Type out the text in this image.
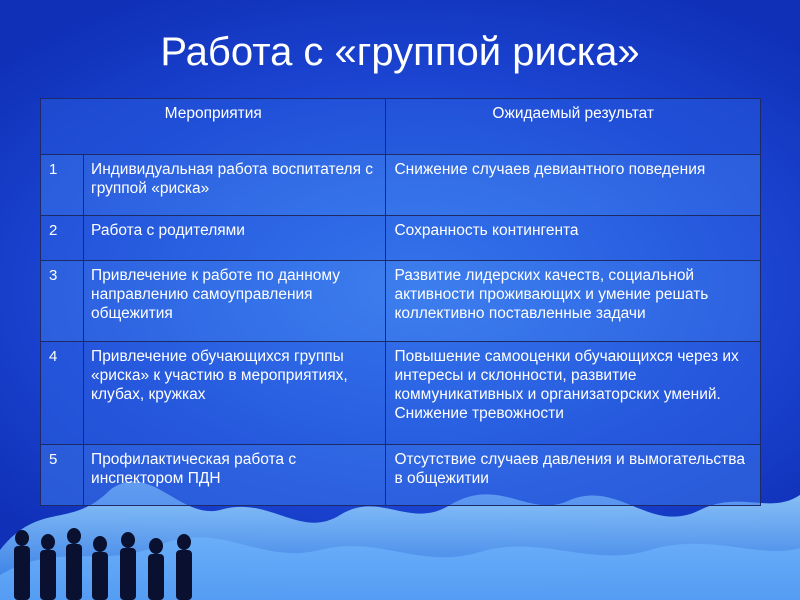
Работа с «группой риска»
Мероприятия		Ожидаемый результат
1	Индивидуальная работа воспитателя с группой «риска»	Снижение случаев девиантного поведения
2	Работа с родителями	Сохранность контингента
3	Привлечение к работе по данному направлению самоуправления общежития	Развитие лидерских качеств, социальной активности проживающих и умение решать коллективно поставленные задачи
4	Привлечение обучающихся группы «риска» к участию в мероприятиях, клубах, кружках	Повышение самооценки обучающихся через их интересы и склонности, развитие коммуникативных и организаторских умений. Снижение тревожности
5	Профилактическая работа с инспектором ПДН	Отсутствие случаев давления и вымогательства в общежитии
